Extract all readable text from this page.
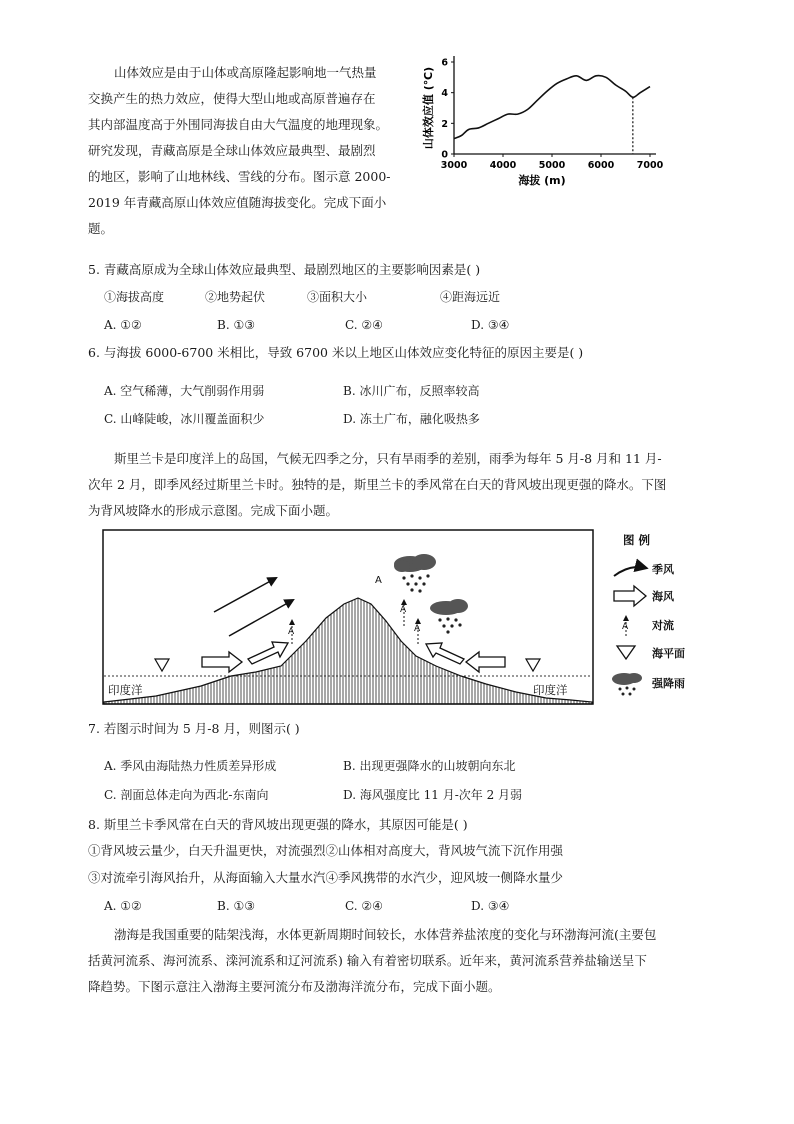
山体效应是由于山体或高原隆起影响地一气热量
交换产生的热力效应，使得大型山地或高原普遍存在
其内部温度高于外围同海拔自由大气温度的地理现象。
研究发现，青藏高原是全球山体效应最典型、最剧烈
的地区，影响了山地林线、雪线的分布。图示意 2000-
2019 年青藏高原山体效应值随海拔变化。完成下面小
题。
山体效应值 (℃)
海拔 (m)
3000 4000 5000 6000 7000
0
2
4
6
5. 青藏高原成为全球山体效应最典型、最剧烈地区的主要影响因素是( )
①海拔高度	②地势起伏	③面积大小	④距海远近
A. ①②	B. ①③	C. ②④	D. ③④
6. 与海拔 6000-6700 米相比，导致 6700 米以上地区山体效应变化特征的原因主要是( )
A. 空气稀薄，大气削弱作用弱	B. 冰川广布，反照率较高
C. 山峰陡峻，冰川覆盖面积少	D. 冻土广布，融化吸热多
斯里兰卡是印度洋上的岛国，气候无四季之分，只有旱雨季的差别，雨季为每年 5 月-8 月和 11 月-
次年 2 月，即季风经过斯里兰卡时。独特的是，斯里兰卡的季风常在白天的背风坡出现更强的降水。下图
为背风坡降水的形成示意图。完成下面小题。
印度洋	印度洋
A
A
A
A
图 例
季风
海风
A 对流
海平面
强降雨
7. 若图示时间为 5 月-8 月，则图示( )
A. 季风由海陆热力性质差异形成	B. 出现更强降水的山坡朝向东北
C. 剖面总体走向为西北-东南向	D. 海风强度比 11 月-次年 2 月弱
8. 斯里兰卡季风常在白天的背风坡出现更强的降水，其原因可能是( )
①背风坡云量少，白天升温更快，对流强烈②山体相对高度大，背风坡气流下沉作用强
③对流牵引海风抬升，从海面输入大量水汽④季风携带的水汽少，迎风坡一侧降水量少
A. ①②	B. ①③	C. ②④	D. ③④
渤海是我国重要的陆架浅海，水体更新周期时间较长，水体营养盐浓度的变化与环渤海河流(主要包
括黄河流系、海河流系、滦河流系和辽河流系) 输入有着密切联系。近年来，黄河流系营养盐输送呈下
降趋势。下图示意注入渤海主要河流分布及渤海洋流分布，完成下面小题。
